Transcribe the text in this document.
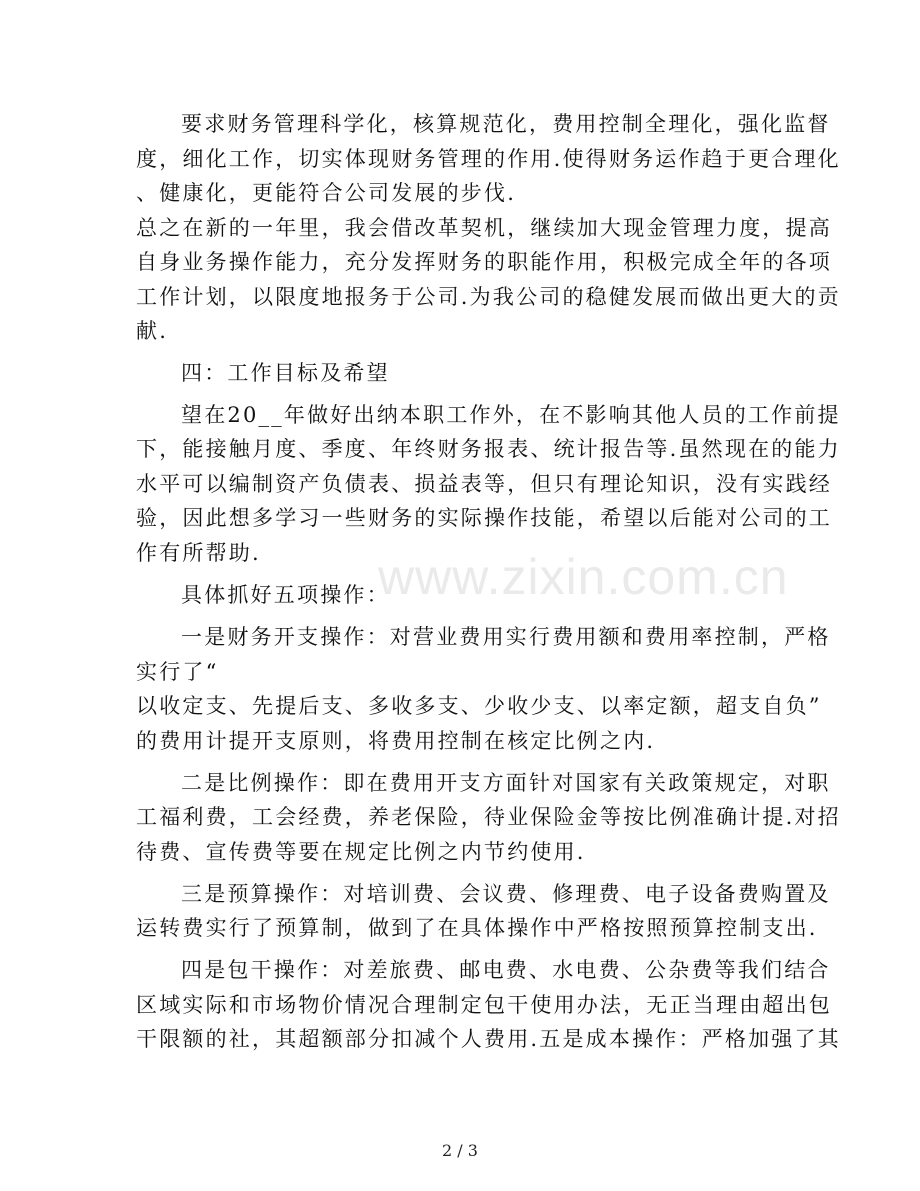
要求财务管理科学化，核算规范化，费用控制全理化，强化监督
度，细化工作，切实体现财务管理的作用.使得财务运作趋于更合理化
、健康化，更能符合公司发展的步伐.
总之在新的一年里，我会借改革契机，继续加大现金管理力度，提高
自身业务操作能力，充分发挥财务的职能作用，积极完成全年的各项
工作计划，以限度地报务于公司.为我公司的稳健发展而做出更大的贡
献.
四：工作目标及希望
望在20__年做好出纳本职工作外，在不影响其他人员的工作前提
下，能接触月度、季度、年终财务报表、统计报告等.虽然现在的能力
水平可以编制资产负债表、损益表等，但只有理论知识，没有实践经
验，因此想多学习一些财务的实际操作技能，希望以后能对公司的工
作有所帮助.
具体抓好五项操作：
一是财务开支操作：对营业费用实行费用额和费用率控制，严格
实行了“
以收定支、先提后支、多收多支、少收少支、以率定额，超支自负”
的费用计提开支原则，将费用控制在核定比例之内.
二是比例操作：即在费用开支方面针对国家有关政策规定，对职
工福利费，工会经费，养老保险，待业保险金等按比例准确计提.对招
待费、宣传费等要在规定比例之内节约使用.
三是预算操作：对培训费、会议费、修理费、电子设备费购置及
运转费实行了预算制，做到了在具体操作中严格按照预算控制支出.
四是包干操作：对差旅费、邮电费、水电费、公杂费等我们结合
区域实际和市场物价情况合理制定包干使用办法，无正当理由超出包
干限额的社，其超额部分扣减个人费用.五是成本操作：严格加强了其
www.zixin.com.cn
2 / 3
